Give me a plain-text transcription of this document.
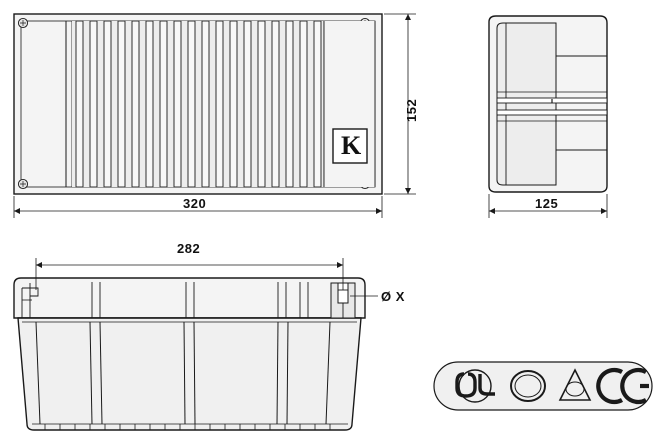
152
320	125
282
Ø X
K
